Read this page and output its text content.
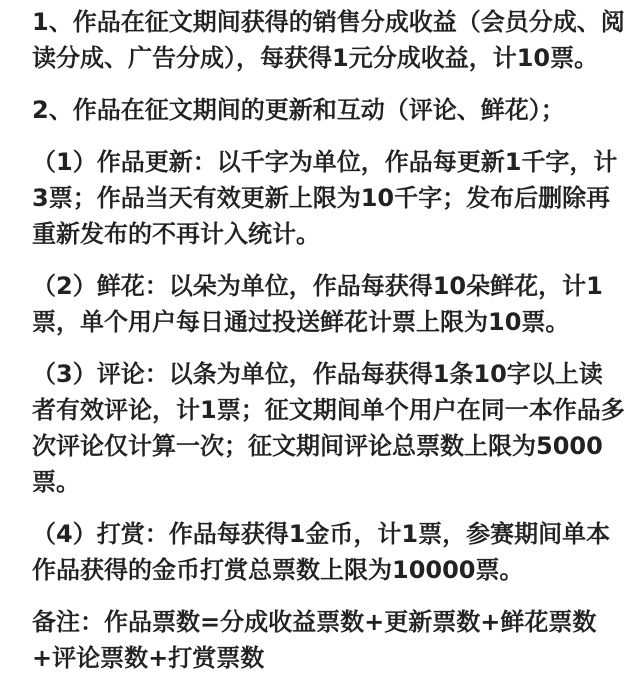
1、作品在征文期间获得的销售分成收益（会员分成、阅读分成、广告分成），每获得1元分成收益，计10票。

2、作品在征文期间的更新和互动（评论、鲜花）；

（1）作品更新：以千字为单位，作品每更新1千字，计3票；作品当天有效更新上限为10千字；发布后删除再重新发布的不再计入统计。

（2）鲜花：以朵为单位，作品每获得10朵鲜花，计1票，单个用户每日通过投送鲜花计票上限为10票。

（3）评论：以条为单位，作品每获得1条10字以上读者有效评论，计1票；征文期间单个用户在同一本作品多次评论仅计算一次；征文期间评论总票数上限为5000票。

（4）打赏：作品每获得1金币，计1票，参赛期间单本作品获得的金币打赏总票数上限为10000票。

备注：作品票数=分成收益票数+更新票数+鲜花票数+评论票数+打赏票数
